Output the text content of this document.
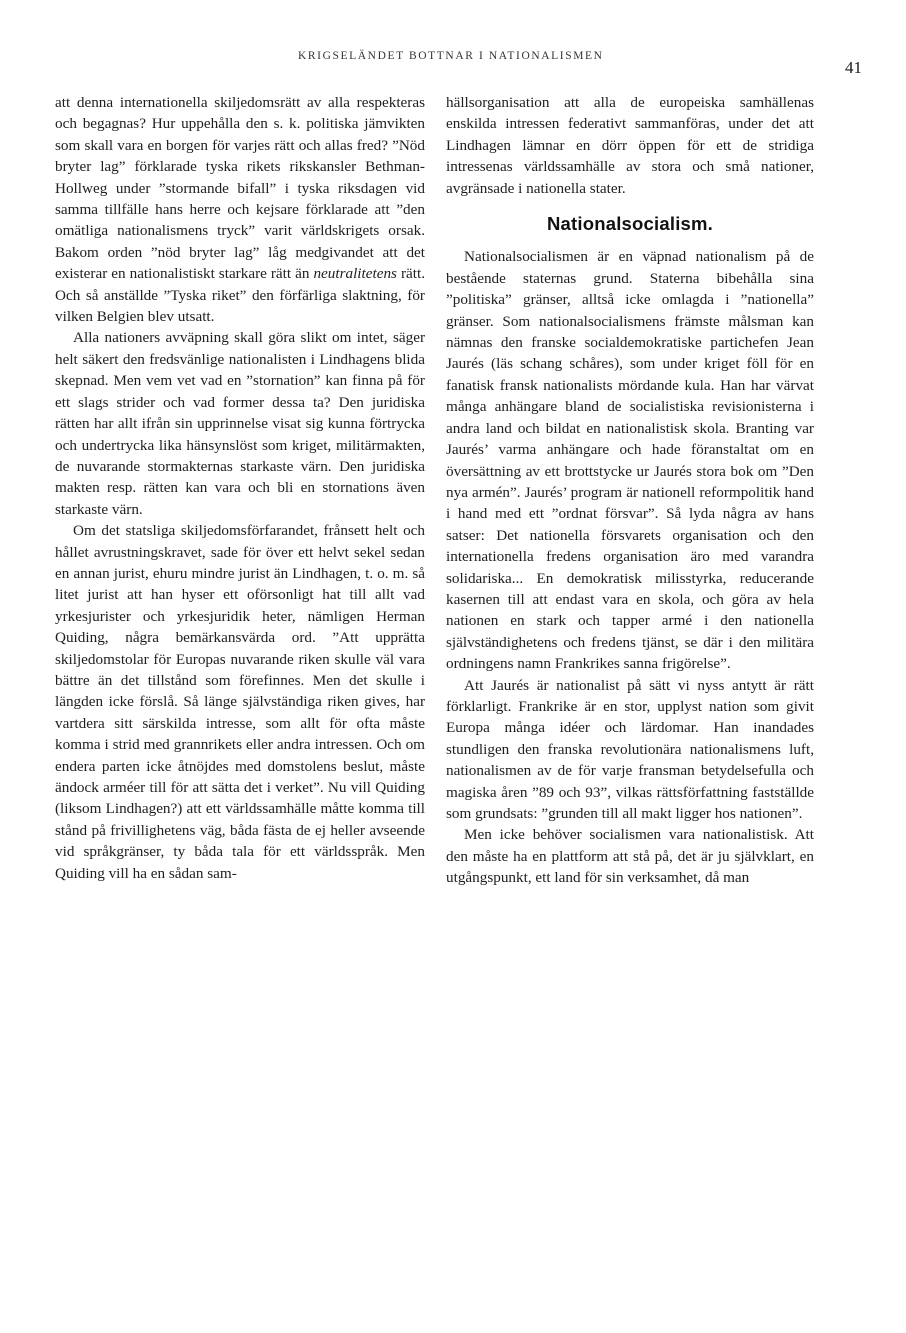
KRIGSELÄNDET BOTTNAR I NATIONALISMEN
41

att denna internationella skiljedomsrätt av alla respekteras och begagnas? Hur uppehålla den s. k. politiska jämvikten som skall vara en borgen för varjes rätt och allas fred? ”Nöd bryter lag” förklarade tyska rikets rikskansler Bethman-Hollweg under ”stormande bifall” i tyska riksdagen vid samma tillfälle hans herre och kejsare förklarade att ”den omätliga nationalismens tryck” varit världskrigets orsak. Bakom orden ”nöd bryter lag” låg medgivandet att det existerar en nationalistiskt starkare rätt än neutralitetens rätt. Och så anställde ”Tyska riket” den förfärliga slaktning, för vilken Belgien blev utsatt.

Alla nationers avväpning skall göra slikt om intet, säger helt säkert den fredsvänlige nationalisten i Lindhagens blida skepnad. Men vem vet vad en ”stornation” kan finna på för ett slags strider och vad former dessa ta? Den juridiska rätten har allt ifrån sin upprinnelse visat sig kunna förtrycka och undertrycka lika hänsynslöst som kriget, militärmakten, de nuvarande stormakternas starkaste värn. Den juridiska makten resp. rätten kan vara och bli en stornations även starkaste värn.

Om det statsliga skiljedomsförfarandet, frånsett helt och hållet avrustningskravet, sade för över ett helvt sekel sedan en annan jurist, ehuru mindre jurist än Lindhagen, t. o. m. så litet jurist att han hyser ett oförsonligt hat till allt vad yrkesjurister och yrkesjuridik heter, nämligen Herman Quiding, några bemärkansvärda ord. ”Att upprätta skiljedomstolar för Europas nuvarande riken skulle väl vara bättre än det tillstånd som förefinnes. Men det skulle i längden icke förslå. Så länge självständiga riken gives, har vartdera sitt särskilda intresse, som allt för ofta måste komma i strid med grannrikets eller andra intressen. Och om endera parten icke åtnöjdes med domstolens beslut, måste ändock arméer till för att sätta det i verket”. Nu vill Quiding (liksom Lindhagen?) att ett världssamhälle måtte komma till stånd på frivillighetens väg, båda fästa de ej heller avseende vid språkgränser, ty båda tala för ett världsspråk. Men Quiding vill ha en sådan sam-

hällsorganisation att alla de europeiska samhällenas enskilda intressen federativt sammanföras, under det att Lindhagen lämnar en dörr öppen för ett de stridiga intressenas världssamhälle av stora och små nationer, avgränsade i nationella stater.

Nationalsocialism.

Nationalsocialismen är en väpnad nationalism på de bestående staternas grund. Staterna bibehålla sina ”politiska” gränser, alltså icke omlagda i ”nationella” gränser. Som nationalsocialismens främste målsman kan nämnas den franske socialdemokratiske partichefen Jean Jaurés (läs schang schåres), som under kriget föll för en fanatisk fransk nationalists mördande kula. Han har värvat många anhängare bland de socialistiska revisionisterna i andra land och bildat en nationalistisk skola. Branting var Jaurés’ varma anhängare och hade föranstaltat om en översättning av ett brottstycke ur Jaurés stora bok om ”Den nya armén”. Jaurés’ program är nationell reformpolitik hand i hand med ett ”ordnat försvar”. Så lyda några av hans satser: Det nationella försvarets organisation och den internationella fredens organisation äro med varandra solidariska... En demokratisk milisstyrka, reducerande kasernen till att endast vara en skola, och göra av hela nationen en stark och tapper armé i den nationella självständighetens och fredens tjänst, se där i den militära ordningens namn Frankrikes sanna frigörelse”.

Att Jaurés är nationalist på sätt vi nyss antytt är rätt förklarligt. Frankrike är en stor, upplyst nation som givit Europa många idéer och lärdomar. Han inandades stundligen den franska revolutionära nationalismens luft, nationalismen av de för varje fransman betydelsefulla och magiska åren ”89 och 93”, vilkas rättsförfattning fastställde som grundsats: ”grunden till all makt ligger hos nationen”.

Men icke behöver socialismen vara nationalistisk. Att den måste ha en plattform att stå på, det är ju självklart, en utgångspunkt, ett land för sin verksamhet, då man
